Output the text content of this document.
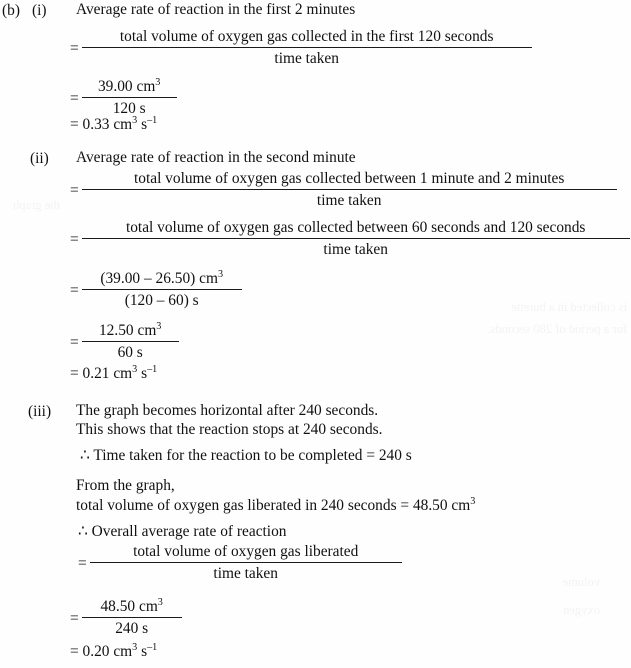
(b) (i) Average rate of reaction in the first 2 minutes
=
total volume of oxygen gas collected in the first 120 seconds
time taken
= $\frac{39.00 cm^3}{120 s}$
= 0.33 $cm^3$ $s^{-1}$
(ii) Average rate of reaction in the second minute
=
total volume of oxygen gas collected between 1 minute and 2 minutes
time taken
=
total volume of oxygen gas collected between 60 seconds and 120 seconds
time taken
= $\frac{(39.00 - 26.50) cm^3}{(120 - 60) s}$
= $\frac{12.50 cm^3}{60 s}$
= 0.21 $cm^3$ $s^{-1}$
(iii) The graph becomes horizontal after 240 seconds.
This shows that the reaction stops at 240 seconds.
∴ Time taken for the reaction to be completed = 240 s
From the graph,
total volume of oxygen gas liberated in 240 seconds = 48.50 $cm^3$
∴ Overall average rate of reaction
= $\frac{\text{total volume of oxygen gas liberated}}{\text{time taken}}$
= $\frac{48.50 cm^3}{240 s}$
= 0.20 $cm^3$ $s^{-1}$
